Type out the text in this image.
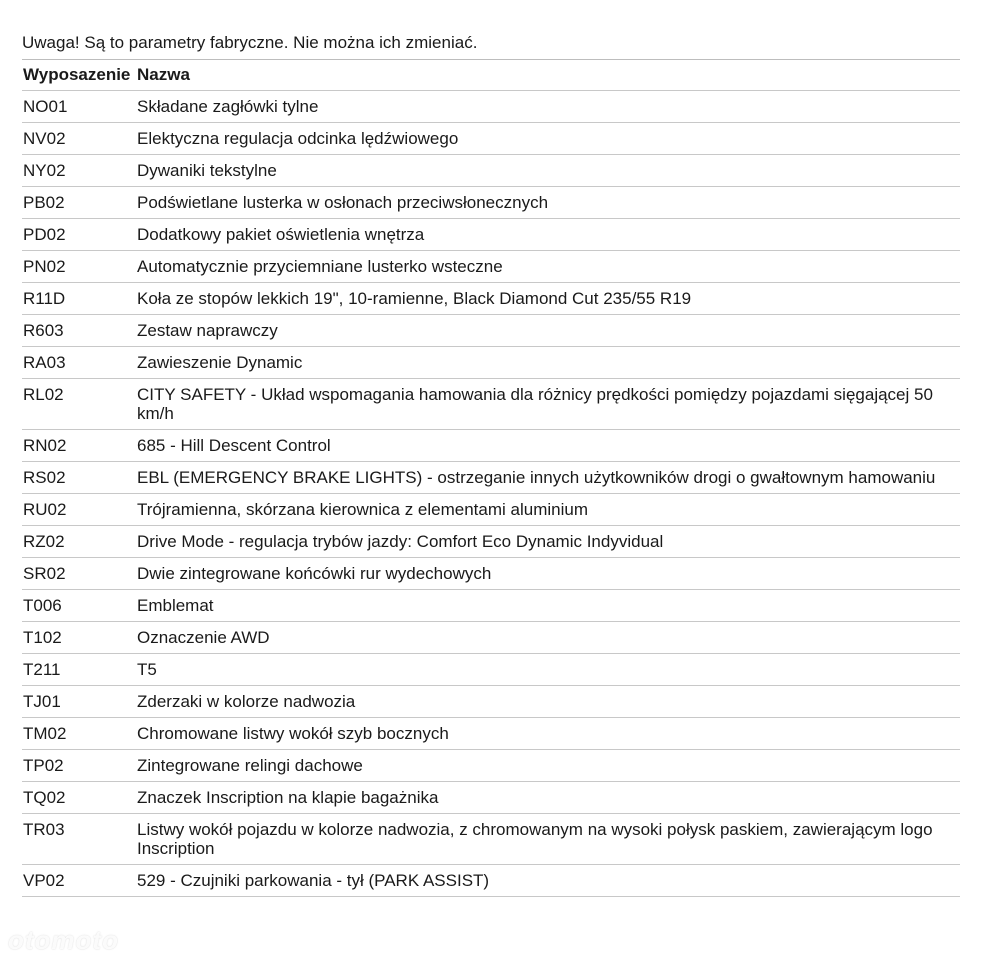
Uwaga! Są to parametry fabryczne. Nie można ich zmieniać.
Wyposazenie Nazwa
NO01	Składane zagłówki tylne
NV02	Elektyczna regulacja odcinka lędźwiowego
NY02	Dywaniki tekstylne
PB02	Podświetlane lusterka w osłonach przeciwsłonecznych
PD02	Dodatkowy pakiet oświetlenia wnętrza
PN02	Automatycznie przyciemniane lusterko wsteczne
R11D	Koła ze stopów lekkich 19", 10-ramienne, Black Diamond Cut 235/55 R19
R603	Zestaw naprawczy
RA03	Zawieszenie Dynamic
RL02	CITY SAFETY - Układ wspomagania hamowania dla różnicy prędkości pomiędzy pojazdami sięgającej 50 km/h
RN02	685 - Hill Descent Control
RS02	EBL (EMERGENCY BRAKE LIGHTS) - ostrzeganie innych użytkowników drogi o gwałtownym hamowaniu
RU02	Trójramienna, skórzana kierownica z elementami aluminium
RZ02	Drive Mode - regulacja trybów jazdy: Comfort Eco Dynamic Indyvidual
SR02	Dwie zintegrowane końcówki rur wydechowych
T006	Emblemat
T102	Oznaczenie AWD
T211	T5
TJ01	Zderzaki w kolorze nadwozia
TM02	Chromowane listwy wokół szyb bocznych
TP02	Zintegrowane relingi dachowe
TQ02	Znaczek Inscription na klapie bagażnika
TR03	Listwy wokół pojazdu w kolorze nadwozia, z chromowanym na wysoki połysk paskiem, zawierającym logo Inscription
VP02	529 - Czujniki parkowania - tył (PARK ASSIST)
otomoto
